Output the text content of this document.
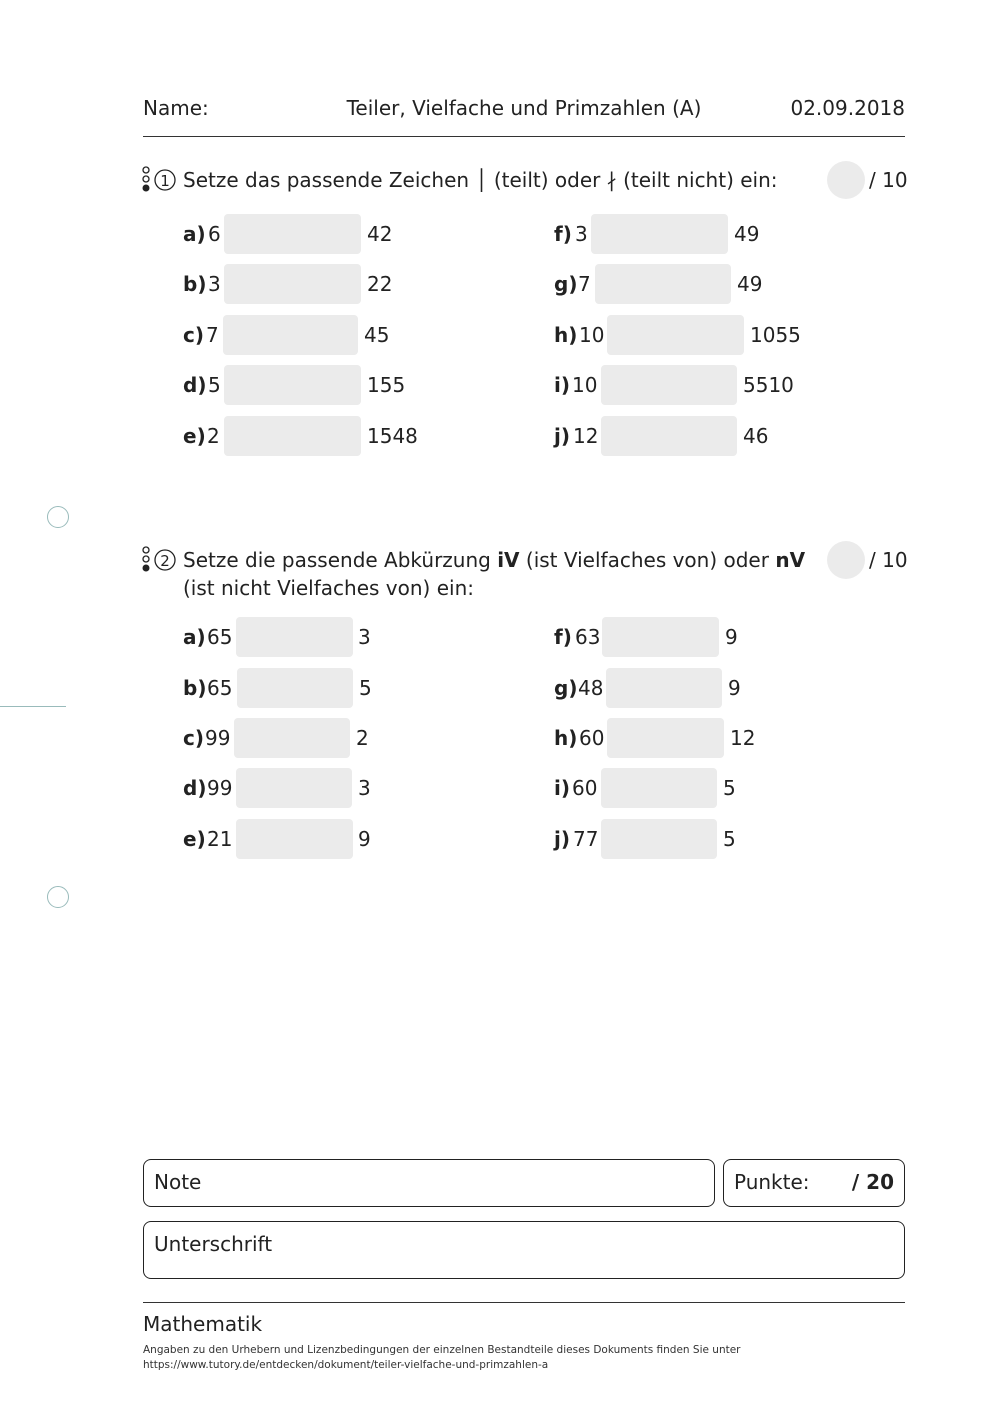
Teiler, Vielfache und Primzahlen (A)
Name:	02.09.2018
1 Setze das passende Zeichen │ (teilt) oder ∤ (teilt nicht) ein:	/ 10
a) 6	42
b) 3	22
c) 7	45
d) 5	155
e) 2	1548
f) 3	49
g) 7	49
h) 10	1055
i) 10	5510
j) 12	46
2 Setze die passende Abkürzung iV (ist Vielfaches von) oder nV (ist nicht Vielfaches von) ein:
/ 10
a) 65	3
b) 65	5
c) 99	2
d) 99	3
e) 21	9
f) 63	9
g) 48	9
h) 60	12
i) 60	5
j) 77	5
Note	Punkte: / 20
Unterschrift
Mathematik
Angaben zu den Urhebern und Lizenzbedingungen der einzelnen Bestandteile dieses Dokuments finden Sie unter
https://www.tutory.de/entdecken/dokument/teiler-vielfache-und-primzahlen-a
